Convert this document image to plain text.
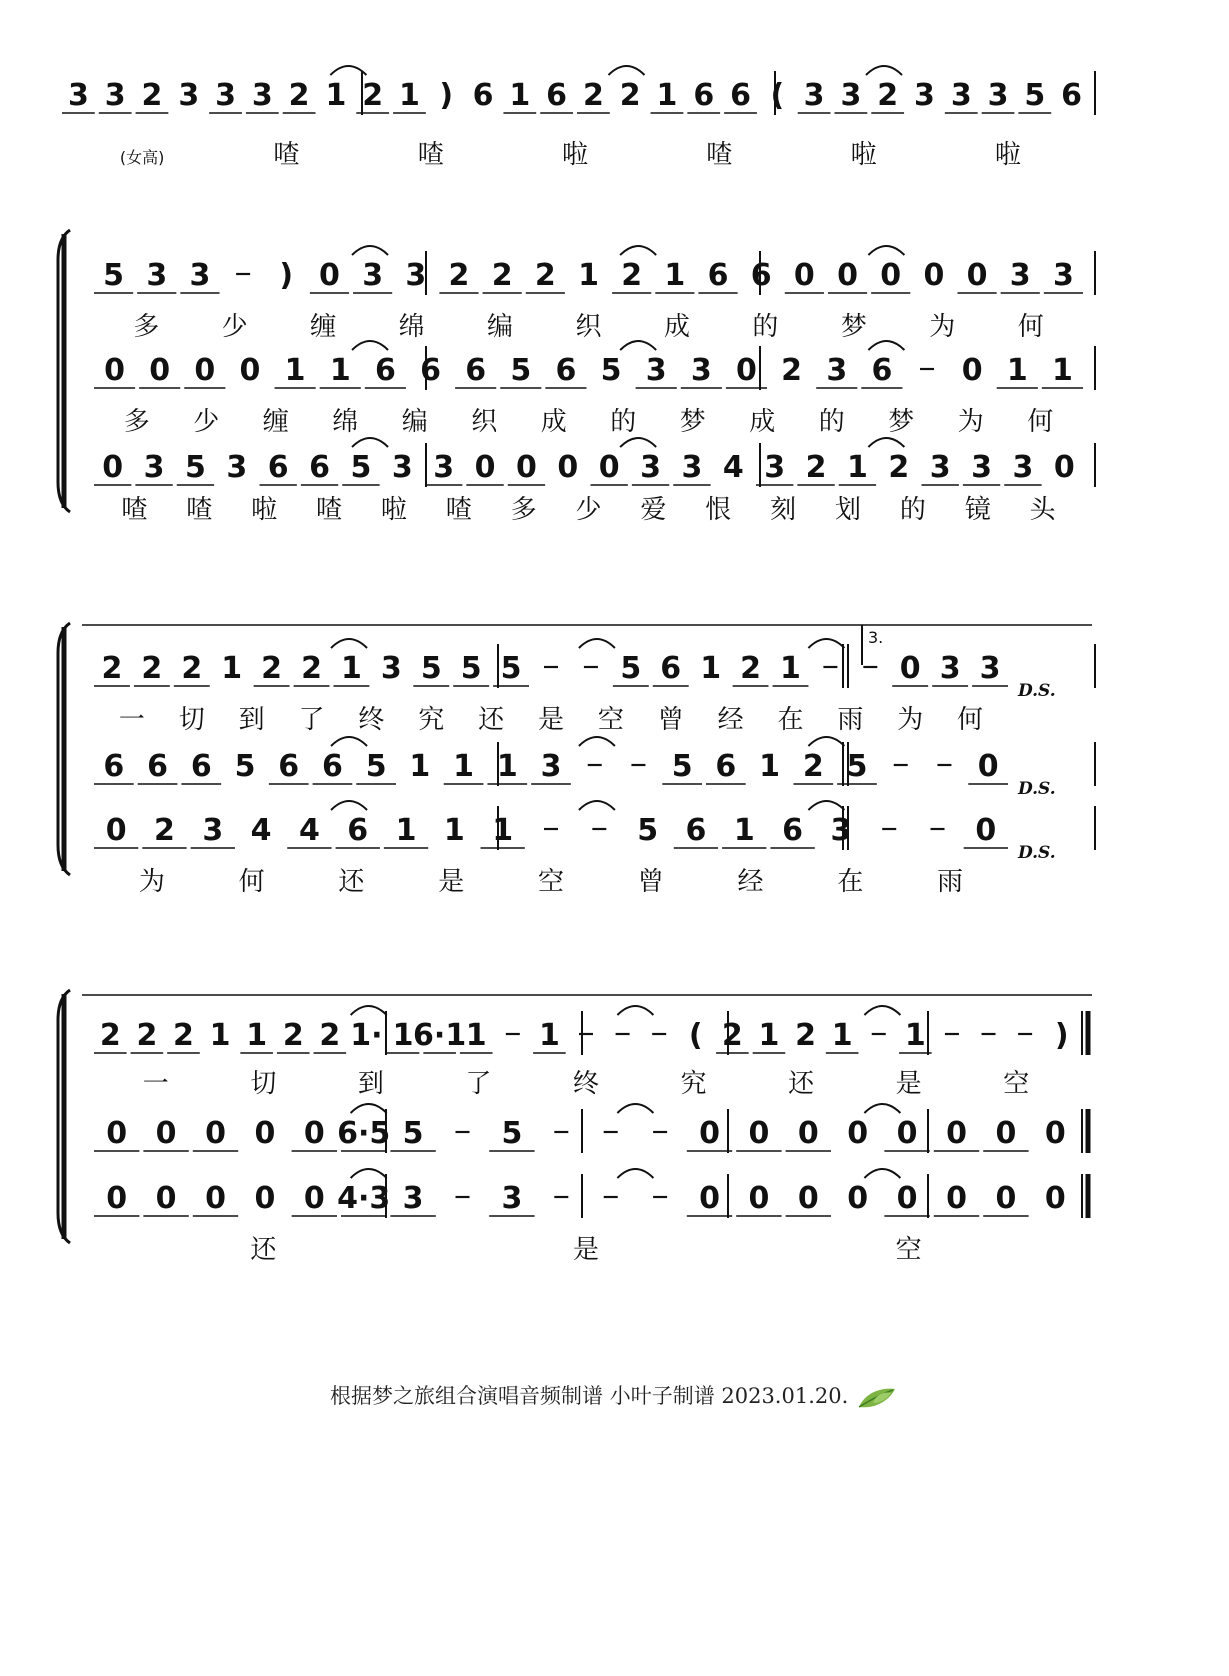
3 3 2 3 3 3 2 1 2 1 ) 6 1 6 2 2 1 6 6 ( 3 3 2 3 3 3 5 6
(女高)	喳	喳	啦	喳	啦	啦
5 3 3 ) 0 3 3 2 2 2 1 2 1 6 6 0 0 0 0 0 3 3
多 少 缠 绵 编 织 成 的 梦 为 何
0 0 0 0 1 1 6 6 6 5 6 5 3 3 0 2 3 6 0 1 1
多 少 缠 绵 编 织 成 的 梦 成 的 梦 为 何
0 3 5 3 6 6 5 3 3 0 0 0 0 3 3 4 3 2 1 2 3 3 3 0
喳 喳 啦 喳 啦 喳 多 少 爱 恨 刻 划 的 镜 头
3.
2 2 2 1 2 2 1 3 5 5 5	5 6 1 2 1	0 3 3
D.S.
一 切 到 了 终 究 还 是 空 曾 经 在 雨 为 何
6 6 6 5 6 6 5 1 1 1 3	5 6 1 2 5	0
D.S.
0 2 3 4 4 6 1 1 1	5 6 1 6 3	0
D.S.
为	何	还	是	空	曾	经	在	雨
2 2 2 1 1 2 2 1· 1 6·1 1 1	( 2 1 2 1 1	)
一	切	到	了	终	究	还	是	空
0 0 0 0 0 6·5 5	5	0 0 0 0 0 0 0 0
0 0 0 0 0 4·3 3	3	0 0 0 0 0 0 0 0
还	是	空
根据梦之旅组合演唱音频制谱 小叶子制谱 2023.01.20.
